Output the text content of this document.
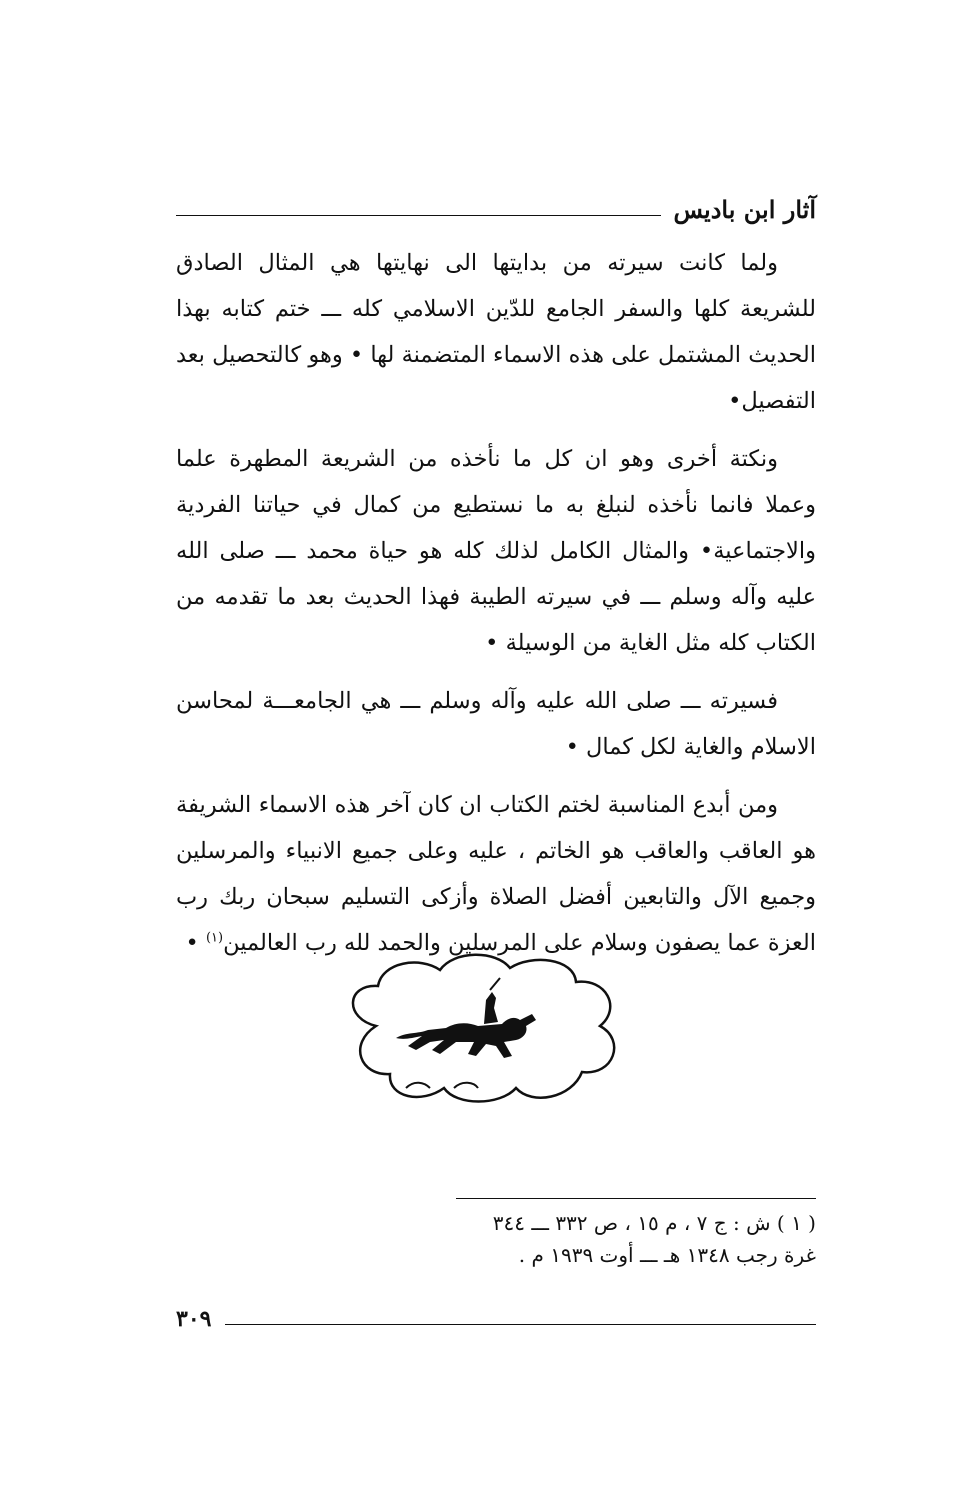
آثار ابن باديس

ولما كانت سيرته من بدايتها الى نهايتها هي المثال الصادق للشريعة كلها والسفر الجامع للدّين الاسلامي كله ـــ ختم كتابه بهذا الحديث المشتمل على هذه الاسماء المتضمنة لها • وهو كالتحصيل بعد التفصيل•

ونكتة أخرى وهو ان كل ما نأخذه من الشريعة المطهرة علما وعملا فانما نأخذه لنبلغ به ما نستطيع من كمال في حياتنا الفردية والاجتماعية• والمثال الكامل لذلك كله هو حياة محمد ـــ صلى الله عليه وآله وسلم ـــ في سيرته الطيبة فهذا الحديث بعد ما تقدمه من الكتاب كله مثل الغاية من الوسيلة •

فسيرته ـــ صلى الله عليه وآله وسلم ـــ هي الجامعـــة لمحاسن الاسلام والغاية لكل كمال •

ومن أبدع المناسبة لختم الكتاب ان كان آخر هذه الاسماء الشريفة هو العاقب والعاقب هو الخاتم ، عليه وعلى جميع الانبياء والمرسلين وجميع الآل والتابعين أفضل الصلاة وأزكى التسليم سبحان ربك رب العزة عما يصفون وسلام على المرسلين والحمد لله رب العالمين$^{(١)}$ •

( ١ ) ش : ج ٧ ، م ١٥ ، ص ٣٣٢ ـــ ٣٤٤
غرة رجب ١٣٤٨ هـ ـــ أوت ١٩٣٩ م .
٣٠٩
